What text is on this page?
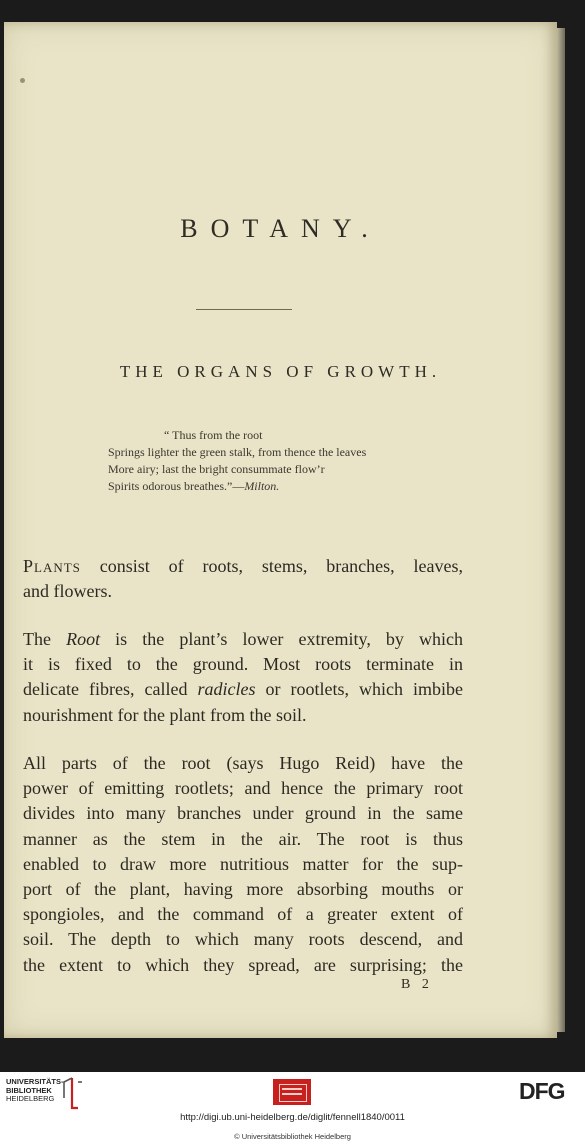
BOTANY.
THE ORGANS OF GROWTH.
“ Thus from the root
Springs lighter the green stalk, from thence the leaves
More airy; last the bright consummate flow’r
Spirits odorous breathes.”—Milton.
Plants consist of roots, stems, branches, leaves,
and flowers.
The Root is the plant’s lower extremity, by which
it is fixed to the ground. Most roots terminate in
delicate fibres, called radicles or rootlets, which imbibe
nourishment for the plant from the soil.
All parts of the root (says Hugo Reid) have the
power of emitting rootlets; and hence the primary root
divides into many branches under ground in the same
manner as the stem in the air. The root is thus
enabled to draw more nutritious matter for the sup-
port of the plant, having more absorbing mouths or
spongioles, and the command of a greater extent of
soil. The depth to which many roots descend, and
the extent to which they spread, are surprising; the
B 2
UNIVERSITÄTS-
BIBLIOTHEK
HEIDELBERG	DFG
http://digi.ub.uni-heidelberg.de/diglit/fennell1840/0011
© Universitätsbibliothek Heidelberg
